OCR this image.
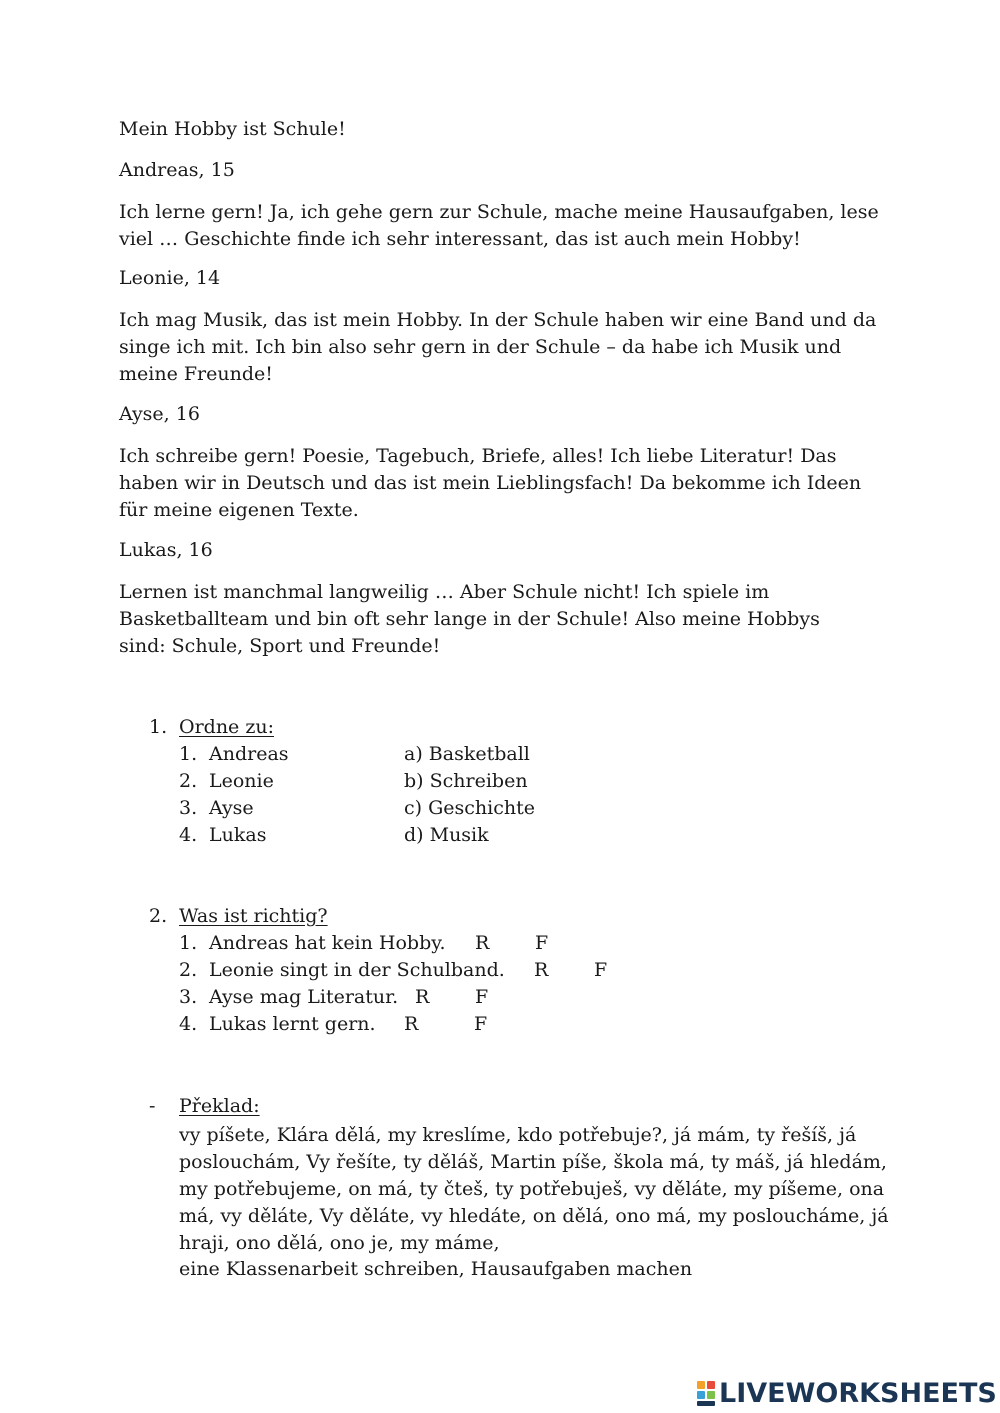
Mein Hobby ist Schule!
Andreas, 15
Ich lerne gern! Ja, ich gehe gern zur Schule, mache meine Hausaufgaben, lese viel … Geschichte finde ich sehr interessant, das ist auch mein Hobby!
Leonie, 14
Ich mag Musik, das ist mein Hobby. In der Schule haben wir eine Band und da singe ich mit. Ich bin also sehr gern in der Schule – da habe ich Musik und meine Freunde!
Ayse, 16
Ich schreibe gern! Poesie, Tagebuch, Briefe, alles! Ich liebe Literatur! Das haben wir in Deutsch und das ist mein Lieblingsfach! Da bekomme ich Ideen für meine eigenen Texte.
Lukas, 16
Lernen ist manchmal langweilig … Aber Schule nicht! Ich spiele im Basketballteam und bin oft sehr lange in der Schule! Also meine Hobbys sind: Schule, Sport und Freunde!
1. Ordne zu:
1. Andreas	a) Basketball
2. Leonie	b) Schreiben
3. Ayse	c) Geschichte
4. Lukas	d) Musik
2. Was ist richtig?
1. Andreas hat kein Hobby. R F
2. Leonie singt in der Schulband. R F
3. Ayse mag Literatur. R F
4. Lukas lernt gern. R	F
- Překlad:
vy píšete, Klára dělá, my kreslíme, kdo potřebuje?, já mám, ty řešíš, já poslouchám, Vy řešíte, ty děláš, Martin píše, škola má, ty máš, já hledám, my potřebujeme, on má, ty čteš, ty potřebuješ, vy děláte, my píšeme, ona má, vy děláte, Vy děláte, vy hledáte, on dělá, ono má, my posloucháme, já hraji, ono dělá, ono je, my máme,
eine Klassenarbeit schreiben, Hausaufgaben machen
LIVEWORKSHEETS
